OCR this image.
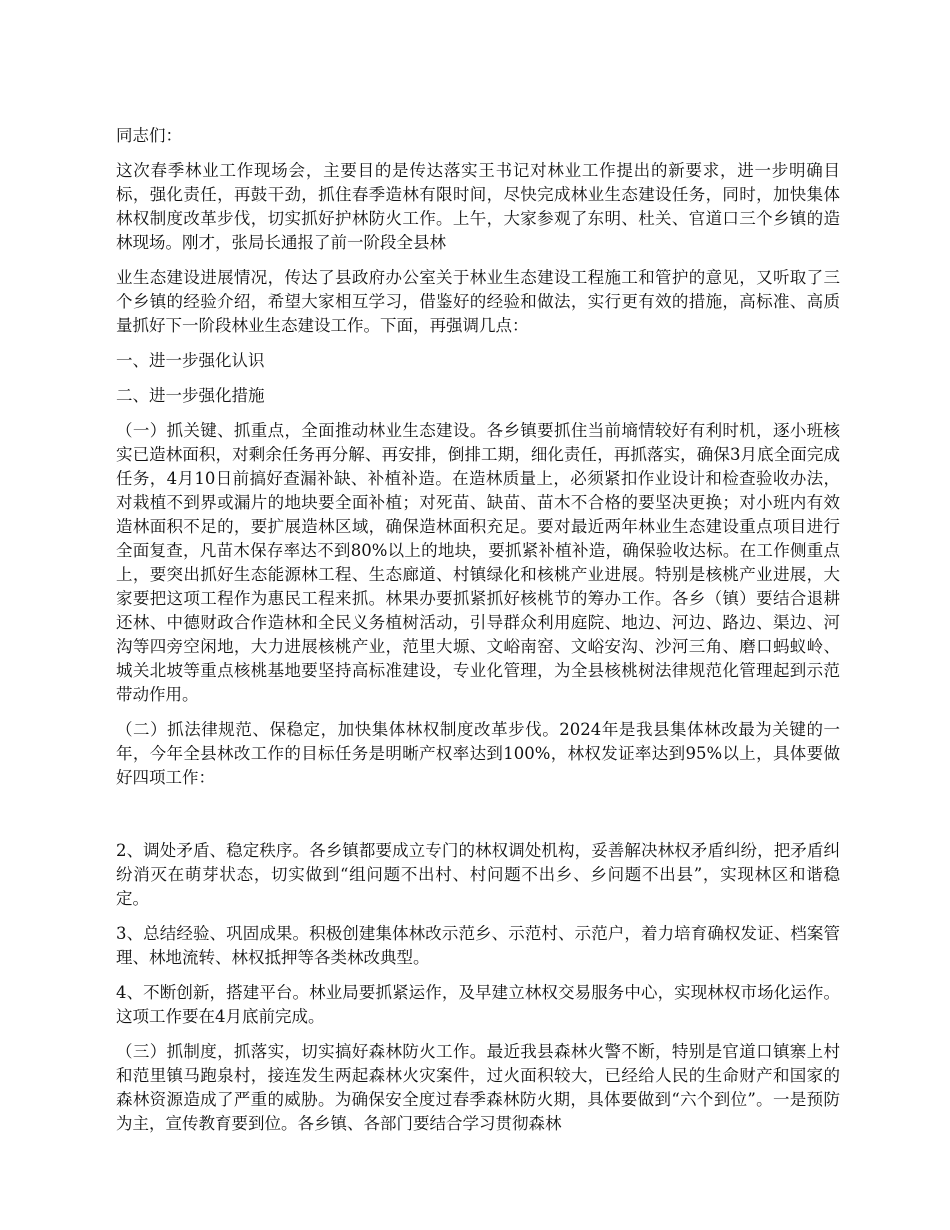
同志们：

这次春季林业工作现场会，主要目的是传达落实王书记对林业工作提出的新要求，进一步明确目标，强化责任，再鼓干劲，抓住春季造林有限时间，尽快完成林业生态建设任务，同时，加快集体林权制度改革步伐，切实抓好护林防火工作。上午，大家参观了东明、杜关、官道口三个乡镇的造林现场。刚才，张局长通报了前一阶段全县林

业生态建设进展情况，传达了县政府办公室关于林业生态建设工程施工和管护的意见，又听取了三个乡镇的经验介绍，希望大家相互学习，借鉴好的经验和做法，实行更有效的措施，高标准、高质量抓好下一阶段林业生态建设工作。下面，再强调几点：

一、进一步强化认识

二、进一步强化措施

（一）抓关键、抓重点，全面推动林业生态建设。各乡镇要抓住当前墒情较好有利时机，逐小班核实已造林面积，对剩余任务再分解、再安排，倒排工期，细化责任，再抓落实，确保3月底全面完成任务，4月10日前搞好查漏补缺、补植补造。在造林质量上，必须紧扣作业设计和检查验收办法，对栽植不到界或漏片的地块要全面补植；对死苗、缺苗、苗木不合格的要坚决更换；对小班内有效造林面积不足的，要扩展造林区域，确保造林面积充足。要对最近两年林业生态建设重点项目进行全面复查，凡苗木保存率达不到80%以上的地块，要抓紧补植补造，确保验收达标。在工作侧重点上，要突出抓好生态能源林工程、生态廊道、村镇绿化和核桃产业进展。特别是核桃产业进展，大家要把这项工程作为惠民工程来抓。林果办要抓紧抓好核桃节的筹办工作。各乡（镇）要结合退耕还林、中德财政合作造林和全民义务植树活动，引导群众利用庭院、地边、河边、路边、渠边、河沟等四旁空闲地，大力进展核桃产业，范里大塬、文峪南窑、文峪安沟、沙河三角、磨口蚂蚁岭、城关北坡等重点核桃基地要坚持高标准建设，专业化管理，为全县核桃树法律规范化管理起到示范带动作用。

（二）抓法律规范、保稳定，加快集体林权制度改革步伐。2024年是我县集体林改最为关键的一年，今年全县林改工作的目标任务是明晰产权率达到100%，林权发证率达到95%以上，具体要做好四项工作：

2、调处矛盾、稳定秩序。各乡镇都要成立专门的林权调处机构，妥善解决林权矛盾纠纷，把矛盾纠纷消灭在萌芽状态，切实做到“组问题不出村、村问题不出乡、乡问题不出县”，实现林区和谐稳定。

3、总结经验、巩固成果。积极创建集体林改示范乡、示范村、示范户，着力培育确权发证、档案管理、林地流转、林权抵押等各类林改典型。

4、不断创新，搭建平台。林业局要抓紧运作，及早建立林权交易服务中心，实现林权市场化运作。这项工作要在4月底前完成。

（三）抓制度，抓落实，切实搞好森林防火工作。最近我县森林火警不断，特别是官道口镇寨上村和范里镇马跑泉村，接连发生两起森林火灾案件，过火面积较大，已经给人民的生命财产和国家的森林资源造成了严重的威胁。为确保安全度过春季森林防火期，具体要做到“六个到位”。一是预防为主，宣传教育要到位。各乡镇、各部门要结合学习贯彻森林
